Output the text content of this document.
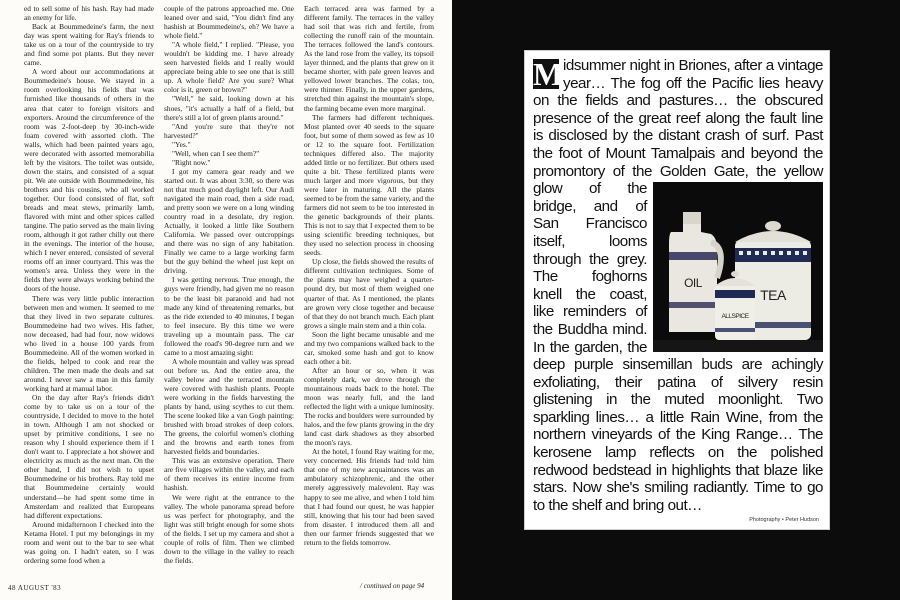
ed to sell some of his hash. Ray had made an enemy for life.

Back at Boummedeine's farm, the next day was spent waiting for Ray's friends to take us on a tour of the countryside to try and find some pot plants. But they never came.

A word about our accommodations at Boummedeine's house. We stayed in a room overlooking his fields that was furnished like thousands of others in the area that cater to foreign visitors and exporters. Around the circumference of the room was 2-foot-deep by 30-inch-wide foam covered with assorted cloth. The walls, which had been painted years ago, were decorated with assorted memorabilia left by the visitors. The toilet was outside, down the stairs, and consisted of a squat pit. We ate outside with Boummedeine, his brothers and his cousins, who all worked together. Our food consisted of flat, soft breads and meat stews, primarily lamb, flavored with mint and other spices called tangine. The patio served as the main living room, although it got rather chilly out there in the evenings. The interior of the house, which I never entered, consisted of several rooms off an inner courtyard. This was the women's area. Unless they were in the fields they were always working behind the doors of the house.

There was very little public interaction between men and women. It seemed to me that they lived in two separate cultures. Boummedeine had two wives. His father, now deceased, had had four, now widows who lived in a house 100 yards from Boummedeine. All of the women worked in the fields, helped to cook and rear the children. The men made the deals and sat around. I never saw a man in this family working hard at manual labor.

On the day after Ray's friends didn't come by to take us on a tour of the countryside, I decided to move to the hotel in town. Although I am not shocked or upset by primitive conditions, I see no reason why I should experience them if I don't want to. I appreciate a hot shower and electricity as much as the next man. On the other hand, I did not wish to upset Boummedeine or his brothers. Ray told me that Boummedeine certainly would understand—he had spent some time in Amsterdam and realized that Europeans had different expectations.

Around midafternoon I checked into the Ketama Hotel. I put my belongings in my room and went out to the bar to see what was going on. I hadn't eaten, so I was ordering some food when a

couple of the patrons approached me. One leaned over and said, "You didn't find any hashish at Boummedeine's, eh? We have a whole field."

"A whole field," I replied. "Please, you wouldn't be kidding me. I have already seen harvested fields and I really would appreciate being able to see one that is still up. A whole field? Are you sure? What color is it, green or brown?"

"Well," he said, looking down at his shoes, "it's actually a half of a field, but there's still a lot of green plants around."

"And you're sure that they're not harvested?"

"Yes."

"Well, when can I see them?"

"Right now."

I got my camera gear ready and we started out. It was about 3:30, so there was not that much good daylight left. Our Audi navigated the main road, then a side road, and pretty soon we were on a long winding country road in a desolate, dry region. Actually, it looked a little like Southern California. We passed over outcroppings and there was no sign of any habitation. Finally we came to a large working farm but the guy behind the wheel just kept on driving.

I was getting nervous. True enough, the guys were friendly, had given me no reason to be the least bit paranoid and had not made any kind of threatening remarks, but as the ride extended to 40 minutes, I began to feel insecure. By this time we were traveling up a mountain pass. The car followed the road's 90-degree turn and we came to a most amazing sight:

A whole mountain and valley was spread out before us. And the entire area, the valley below and the terraced mountain were covered with hashish plants. People were working in the fields harvesting the plants by hand, using scythes to cut them. The scene looked like a van Gogh painting: brushed with broad strokes of deep colors. The greens, the colorful women's clothing and the browns and earth tones from harvested fields and boundaries.

This was an extensive operation. There are five villages within the valley, and each of them receives its entire income from hashish.

We were right at the entrance to the valley. The whole panorama spread before us was perfect for photography, and the light was still bright enough for some shots of the fields. I set up my camera and shot a couple of rolls of film. Then we climbed down to the village in the valley to reach the fields.

Each terraced area was farmed by a different family. The terraces in the valley had soil that was rich and fertile, from collecting the runoff rain of the mountain. The terraces followed the land's contours. As the land rose from the valley, its topsoil layer thinned, and the plants that grew on it became shorter, with pale green leaves and yellowed lower branches. The colas, too, were thinner. Finally, in the upper gardens, stretched thin against the mountain's slope, the farming became even more marginal.

The farmers had different techniques. Most planted over 40 seeds to the square foot, but some of them sowed as few as 10 or 12 to the square foot. Fertilization techniques differed also. The majority added little or no fertilizer. But others used quite a bit. These fertilized plants were much larger and more vigorous, but they were later in maturing. All the plants seemed to be from the same variety, and the farmers did not seem to be too interested in the genetic backgrounds of their plants. This is not to say that I expected them to be using scientific breeding techniques, but they used no selection process in choosing seeds.

Up close, the fields showed the results of different cultivation techniques. Some of the plants may have weighed a quarter-pound dry, but most of them weighed one quarter of that. As I mentioned, the plants are grown very close together and because of that they do not branch much. Each plant grows a single main stem and a thin cola.

Soon the light became unusable and me and my two companions walked back to the car, smoked some hash and got to know each other a bit.

After an hour or so, when it was completely dark, we drove through the mountainous roads back to the hotel. The moon was nearly full, and the land reflected the light with a unique luminosity. The rocks and boulders were surrounded by halos, and the few plants growing in the dry land cast dark shadows as they absorbed the moon's rays.

At the hotel, I found Ray waiting for me, very concerned. His friends had told him that one of my new acquaintances was an ambulatory schizophrenic, and the other merely aggressively malevolent. Ray was happy to see me alive, and when I told him that I had found our quest, he was happier still, knowing that his tour had been saved from disaster. I introduced them all and then our farmer friends suggested that we return to the fields tomorrow.

48 AUGUST '83	/ continued on page 94
M idsummer night in Briones, after a vintage year… The fog off the Pacific lies heavy on the fields and pastures… the obscured presence of the great reef along the fault line is disclosed by the distant crash of surf. Past the foot of Mount Tamalpais and beyond the promontory of the Golden Gate,
OIL
TEA
ALLSPICE
the yellow glow of the bridge, and of San Francisco itself, looms through the grey. The foghorns knell the coast, like reminders of the Buddha mind. In the garden, the deep purple sinsemillan buds are achingly exfoliating, their patina of silvery resin glistening in the muted moonlight. Two sparkling lines… a little Rain Wine, from the northern vineyards of the King Range… The kerosene lamp reflects on the polished redwood bedstead in highlights that blaze like stars. Now she's smiling radiantly. Time to go to the shelf and bring out…
Photography • Peter Hudson
